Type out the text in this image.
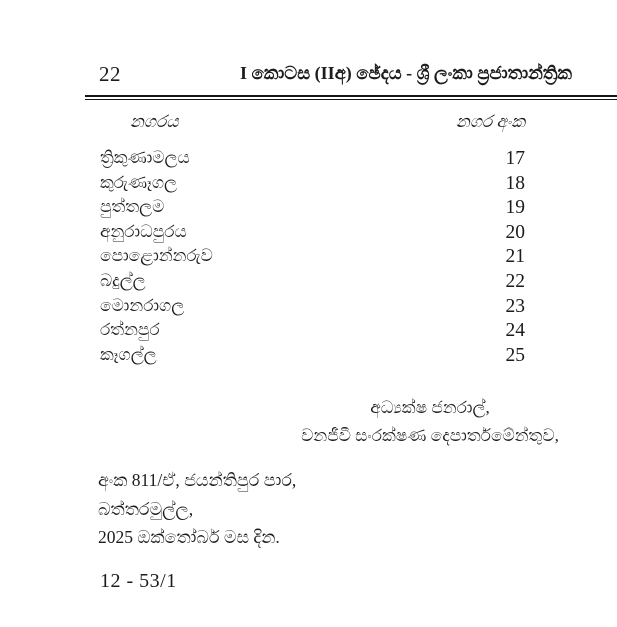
22	I කොටස (IIඅ) ඡේදය - ශ්‍රී ලංකා ප්‍රජාතාන්ත්‍රික
නගරය	නගර අංක
ත්‍රිකුණාමලය	17
කුරුණෑගල	18
පුත්තලම	19
අනුරාධපුරය	20
පොළොන්නරුව	21
බදුල්ල	22
මොනරාගල	23
රත්නපුර	24
කෑගල්ල	25
අධ්‍යක්ෂ ජනරාල්,
වනජීවී සංරක්ෂණ දෙපාර්තමේන්තුව,
අංක 811/ඒ, ජයන්තිපුර පාර,
බත්තරමුල්ල,
2025 ඔක්තෝබර් මස දින.
12 - 53/1
